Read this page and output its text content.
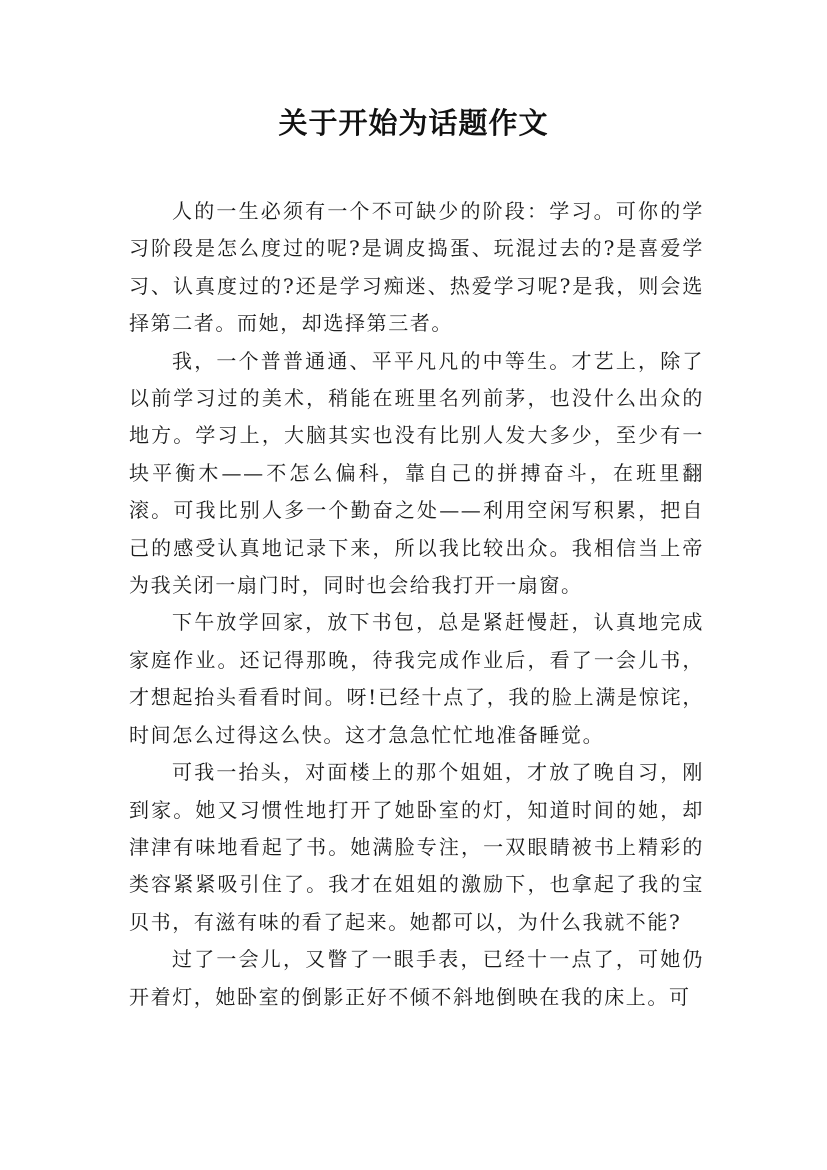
关于开始为话题作文

人的一生必须有一个不可缺少的阶段：学习。可你的学习阶段是怎么度过的呢?是调皮捣蛋、玩混过去的?是喜爱学习、认真度过的?还是学习痴迷、热爱学习呢?是我，则会选择第二者。而她，却选择第三者。

我，一个普普通通、平平凡凡的中等生。才艺上，除了以前学习过的美术，稍能在班里名列前茅，也没什么出众的地方。学习上，大脑其实也没有比别人发大多少，至少有一块平衡木——不怎么偏科，靠自己的拼搏奋斗，在班里翻滚。可我比别人多一个勤奋之处——利用空闲写积累，把自己的感受认真地记录下来，所以我比较出众。我相信当上帝为我关闭一扇门时，同时也会给我打开一扇窗。

下午放学回家，放下书包，总是紧赶慢赶，认真地完成家庭作业。还记得那晚，待我完成作业后，看了一会儿书，才想起抬头看看时间。呀!已经十点了，我的脸上满是惊诧，时间怎么过得这么快。这才急急忙忙地准备睡觉。

可我一抬头，对面楼上的那个姐姐，才放了晚自习，刚到家。她又习惯性地打开了她卧室的灯，知道时间的她，却津津有味地看起了书。她满脸专注，一双眼睛被书上精彩的类容紧紧吸引住了。我才在姐姐的激励下，也拿起了我的宝贝书，有滋有味的看了起来。她都可以，为什么我就不能?

过了一会儿，又瞥了一眼手表，已经十一点了，可她仍开着灯，她卧室的倒影正好不倾不斜地倒映在我的床上。可
